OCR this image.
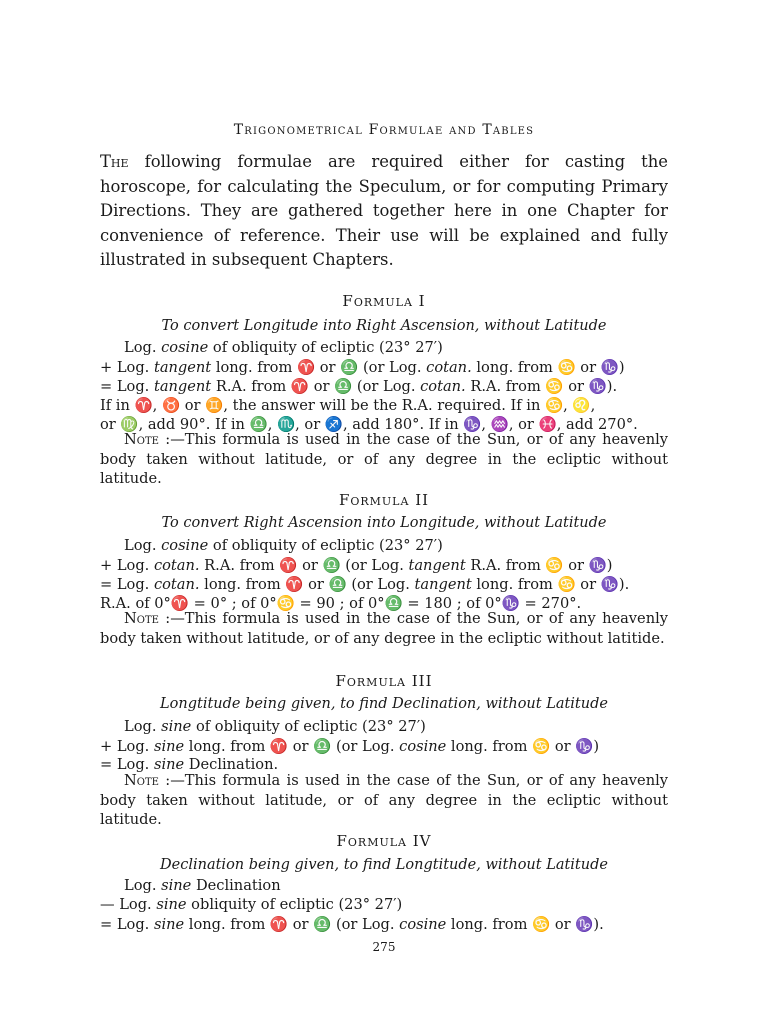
Trigonometrical Formulae and Tables

The following formulae are required either for casting the horoscope, for calculating the Speculum, or for computing Primary Directions. They are gathered together here in one Chapter for convenience of reference. Their use will be explained and fully illustrated in subsequent Chapters.

Formula I
To convert Longitude into Right Ascension, without Latitude
Log. cosine of obliquity of ecliptic (23° 27′)
+ Log. tangent long. from ♈ or ♎ (or Log. cotan. long. from ♋ or ♑)
= Log. tangent R.A. from ♈ or ♎ (or Log. cotan. R.A. from ♋ or ♑).
If in ♈, ♉ or ♊, the answer will be the R.A. required. If in ♋, ♌,
or ♍, add 90°. If in ♎, ♏, or ♐, add 180°. If in ♑, ♒, or ♓, add 270°.

Note :—This formula is used in the case of the Sun, or of any heavenly body taken without latitude, or of any degree in the ecliptic without latitude.

Formula II
To convert Right Ascension into Longitude, without Latitude
Log. cosine of obliquity of ecliptic (23° 27′)
+ Log. cotan. R.A. from ♈ or ♎ (or Log. tangent R.A. from ♋ or ♑)
= Log. cotan. long. from ♈ or ♎ (or Log. tangent long. from ♋ or ♑).
R.A. of 0°♈ = 0° ; of 0°♋ = 90 ; of 0°♎ = 180 ; of 0°♑ = 270°.

Note :—This formula is used in the case of the Sun, or of any heavenly body taken without latitude, or of any degree in the ecliptic without latitide.

Formula III
Longtitude being given, to find Declination, without Latitude
Log. sine of obliquity of ecliptic (23° 27′)
+ Log. sine long. from ♈ or ♎ (or Log. cosine long. from ♋ or ♑)
= Log. sine Declination.

Note :—This formula is used in the case of the Sun, or of any heavenly body taken without latitude, or of any degree in the ecliptic without latitude.

Formula IV
Declination being given, to find Longtitude, without Latitude
Log. sine Declination
— Log. sine obliquity of ecliptic (23° 27′)
= Log. sine long. from ♈ or ♎ (or Log. cosine long. from ♋ or ♑).
275
